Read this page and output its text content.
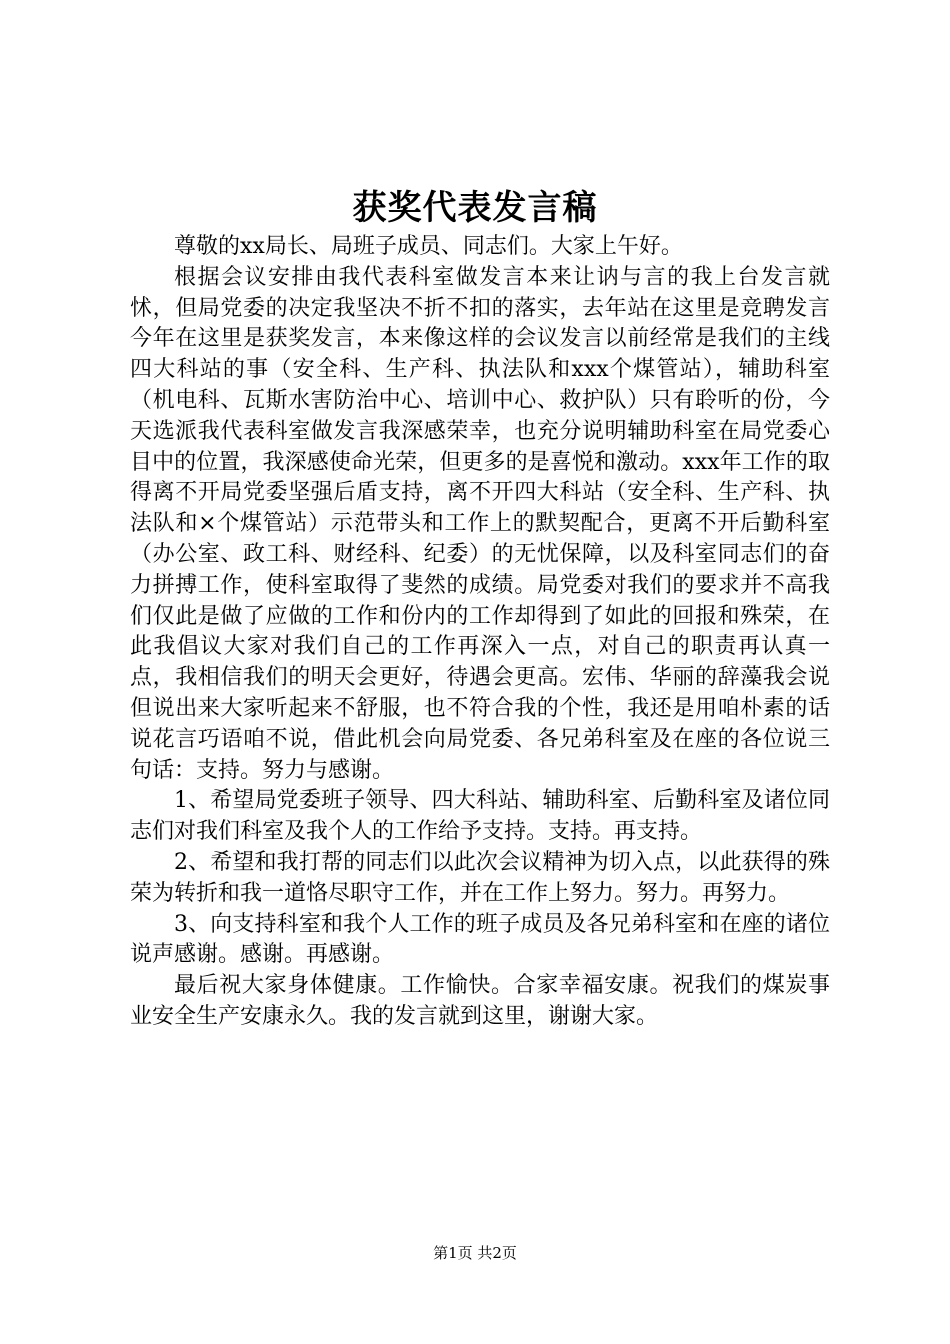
获奖代表发言稿

尊敬的xx局长、局班子成员、同志们。大家上午好。

根据会议安排由我代表科室做发言本来让讷与言的我上台发言就怵，但局党委的决定我坚决不折不扣的落实，去年站在这里是竞聘发言今年在这里是获奖发言，本来像这样的会议发言以前经常是我们的主线四大科站的事（安全科、生产科、执法队和xxx个煤管站），辅助科室（机电科、瓦斯水害防治中心、培训中心、救护队）只有聆听的份，今天选派我代表科室做发言我深感荣幸，也充分说明辅助科室在局党委心目中的位置，我深感使命光荣，但更多的是喜悦和激动。xxx年工作的取得离不开局党委坚强后盾支持，离不开四大科站（安全科、生产科、执法队和×个煤管站）示范带头和工作上的默契配合，更离不开后勤科室（办公室、政工科、财经科、纪委）的无忧保障，以及科室同志们的奋力拼搏工作，使科室取得了斐然的成绩。局党委对我们的要求并不高我们仅此是做了应做的工作和份内的工作却得到了如此的回报和殊荣，在此我倡议大家对我们自己的工作再深入一点，对自己的职责再认真一点，我相信我们的明天会更好，待遇会更高。宏伟、华丽的辞藻我会说但说出来大家听起来不舒服，也不符合我的个性，我还是用咱朴素的话说花言巧语咱不说，借此机会向局党委、各兄弟科室及在座的各位说三句话：支持。努力与感谢。

1、希望局党委班子领导、四大科站、辅助科室、后勤科室及诸位同志们对我们科室及我个人的工作给予支持。支持。再支持。

2、希望和我打帮的同志们以此次会议精神为切入点，以此获得的殊荣为转折和我一道恪尽职守工作，并在工作上努力。努力。再努力。

3、向支持科室和我个人工作的班子成员及各兄弟科室和在座的诸位说声感谢。感谢。再感谢。

最后祝大家身体健康。工作愉快。合家幸福安康。祝我们的煤炭事业安全生产安康永久。我的发言就到这里，谢谢大家。

第1页 共2页
